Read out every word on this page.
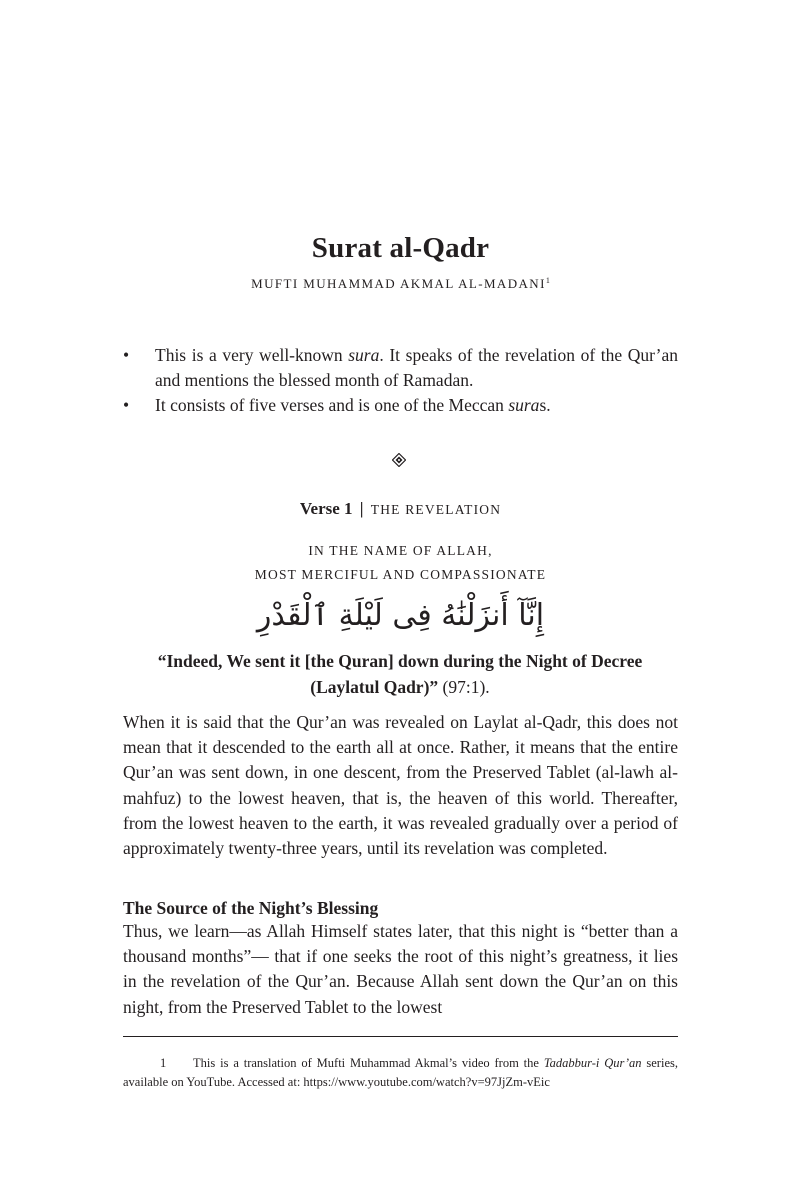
Surat al-Qadr
MUFTI MUHAMMAD AKMAL AL-MADANI$^1$
•	This is a very well-known sura. It speaks of the revelation of the Qur’an and mentions the blessed month of Ramadan.
•	It consists of five verses and is one of the Meccan suras.
Verse 1 | THE REVELATION
IN THE NAME OF ALLAH,
MOST MERCIFUL AND COMPASSIONATE
إِنَّآ أَنزَلْنَٰهُ فِى لَيْلَةِ ٱلْقَدْرِ
“Indeed, We sent it [the Quran] down during the Night of Decree (Laylatul Qadr)” (97:1).

When it is said that the Qur’an was revealed on Laylat al-Qadr, this does not mean that it descended to the earth all at once. Rather, it means that the entire Qur’an was sent down, in one descent, from the Preserved Tablet (al-lawh al-mahfuz) to the lowest heaven, that is, the heaven of this world. Thereafter, from the lowest heaven to the earth, it was revealed gradually over a period of approximately twenty-three years, until its revelation was completed.

The Source of the Night’s Blessing

Thus, we learn—as Allah Himself states later, that this night is “better than a thousand months”— that if one seeks the root of this night’s greatness, it lies in the revelation of the Qur’an. Because Allah sent down the Qur’an on this night, from the Preserved Tablet to the lowest

1 This is a translation of Mufti Muhammad Akmal’s video from the Tadabbur-i Qur’an series, available on YouTube. Accessed at: https://www.youtube.com/watch?v=97JjZm-vEic
